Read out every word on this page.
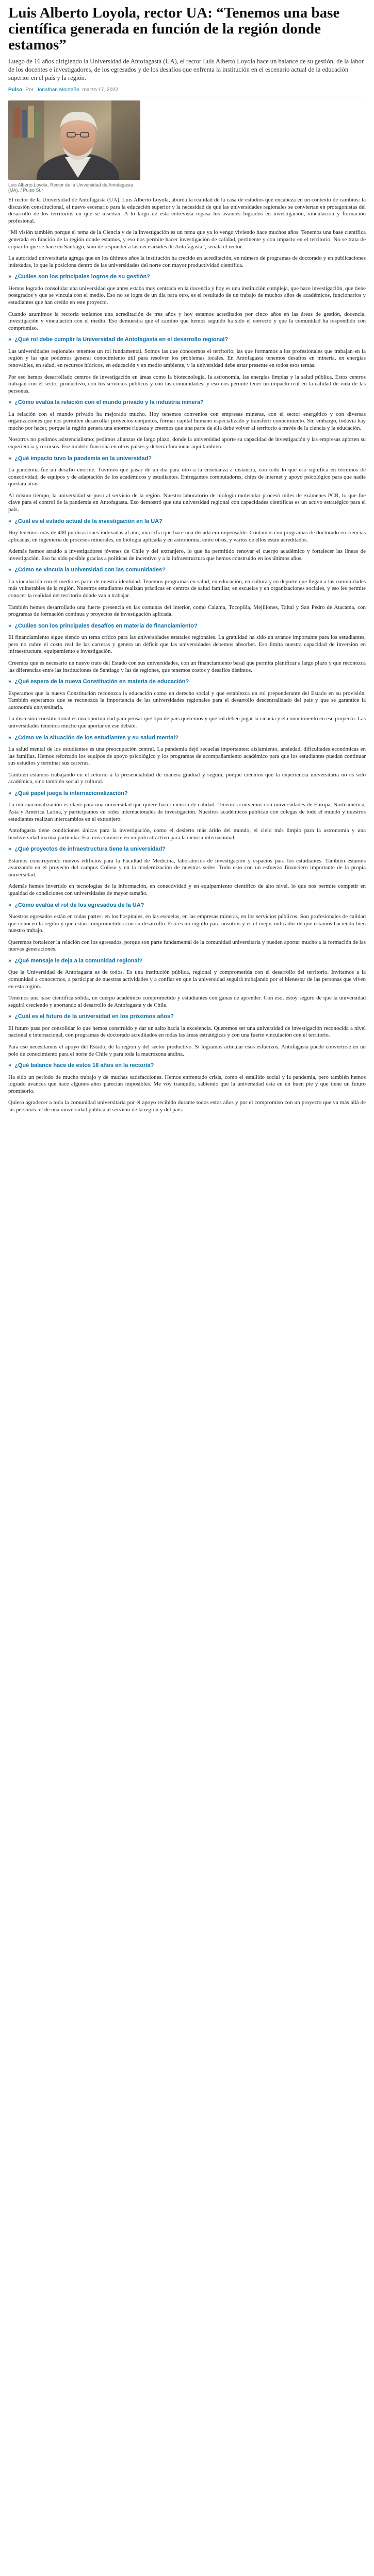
Luis Alberto Loyola, rector UA: “Tenemos una base científica generada en función de la región donde estamos”

Luego de 16 años dirigiendo la Universidad de Antofagasta (UA), el rector Luis Alberto Loyola hace un balance de su gestión, de la labor de los docentes e investigadores, de los egresados y de los desafíos que enfrenta la institución en el escenario actual de la educación superior en el país y la región.

Pulso Por Jonathan Montaño marzo 17, 2022
Luis Alberto Loyola, Rector de la Universidad de Antofagasta (UA). / Pulso Sur

El rector de la Universidad de Antofagasta (UA), Luis Alberto Loyola, aborda la realidad de la casa de estudios que encabeza en un contexto de cambios: la discusión constitucional, el nuevo escenario para la educación superior y la necesidad de que las universidades regionales se conviertan en protagonistas del desarrollo de los territorios en que se insertan. A lo largo de esta entrevista repasa los avances logrados en investigación, vinculación y formación profesional.

“Mi visión también porque el tema de la Ciencia y de la investigación es un tema que ya lo vengo viviendo hace muchos años. Tenemos una base científica generada en función de la región donde estamos, y eso nos permite hacer investigación de calidad, pertinente y con impacto en el territorio. No se trata de copiar lo que se hace en Santiago, sino de responder a las necesidades de Antofagasta”, señala el rector.

La autoridad universitaria agrega que en los últimos años la institución ha crecido en acreditación, en número de programas de doctorado y en publicaciones indexadas, lo que la posiciona dentro de las universidades del norte con mayor productividad científica.

» ¿Cuáles son los principales logros de su gestión?

Hemos logrado consolidar una universidad que antes estaba muy centrada en la docencia y hoy es una institución compleja, que hace investigación, que tiene postgrados y que se vincula con el medio. Eso no se logra de un día para otro, es el resultado de un trabajo de muchos años de académicos, funcionarios y estudiantes que han creído en este proyecto.

Cuando asumimos la rectoría teníamos una acreditación de tres años y hoy estamos acreditados por cinco años en las áreas de gestión, docencia, investigación y vinculación con el medio. Eso demuestra que el camino que hemos seguido ha sido el correcto y que la comunidad ha respondido con compromiso.

» ¿Qué rol debe cumplir la Universidad de Antofagasta en el desarrollo regional?

Las universidades regionales tenemos un rol fundamental. Somos las que conocemos el territorio, las que formamos a los profesionales que trabajan en la región y las que podemos generar conocimiento útil para resolver los problemas locales. En Antofagasta tenemos desafíos en minería, en energías renovables, en salud, en recursos hídricos, en educación y en medio ambiente, y la universidad debe estar presente en todos esos temas.

Por eso hemos desarrollado centros de investigación en áreas como la biotecnología, la astronomía, las energías limpias y la salud pública. Estos centros trabajan con el sector productivo, con los servicios públicos y con las comunidades, y eso nos permite tener un impacto real en la calidad de vida de las personas.

» ¿Cómo evalúa la relación con el mundo privado y la industria minera?

La relación con el mundo privado ha mejorado mucho. Hoy tenemos convenios con empresas mineras, con el sector energético y con diversas organizaciones que nos permiten desarrollar proyectos conjuntos, formar capital humano especializado y transferir conocimiento. Sin embargo, todavía hay mucho por hacer, porque la región genera una enorme riqueza y creemos que una parte de ella debe volver al territorio a través de la ciencia y la educación.

Nosotros no pedimos asistencialismo; pedimos alianzas de largo plazo, donde la universidad aporte su capacidad de investigación y las empresas aporten su experiencia y recursos. Ese modelo funciona en otros países y debería funcionar aquí también.

» ¿Qué impacto tuvo la pandemia en la universidad?

La pandemia fue un desafío enorme. Tuvimos que pasar de un día para otro a la enseñanza a distancia, con todo lo que eso significa en términos de conectividad, de equipos y de adaptación de los académicos y estudiantes. Entregamos computadores, chips de internet y apoyo psicológico para que nadie quedara atrás.

Al mismo tiempo, la universidad se puso al servicio de la región. Nuestro laboratorio de biología molecular procesó miles de exámenes PCR, lo que fue clave para el control de la pandemia en Antofagasta. Eso demostró que una universidad regional con capacidades científicas es un activo estratégico para el país.

» ¿Cuál es el estado actual de la investigación en la UA?

Hoy tenemos más de 400 publicaciones indexadas al año, una cifra que hace una década era impensable. Contamos con programas de doctorado en ciencias aplicadas, en ingeniería de procesos minerales, en biología aplicada y en astronomía, entre otros, y varios de ellos están acreditados.

Además hemos atraído a investigadores jóvenes de Chile y del extranjero, lo que ha permitido renovar el cuerpo académico y fortalecer las líneas de investigación. Eso ha sido posible gracias a políticas de incentivo y a la infraestructura que hemos construido en los últimos años.

» ¿Cómo se vincula la universidad con las comunidades?

La vinculación con el medio es parte de nuestra identidad. Tenemos programas en salud, en educación, en cultura y en deporte que llegan a las comunidades más vulnerables de la región. Nuestros estudiantes realizan prácticas en centros de salud familiar, en escuelas y en organizaciones sociales, y eso les permite conocer la realidad del territorio donde van a trabajar.

También hemos desarrollado una fuerte presencia en las comunas del interior, como Calama, Tocopilla, Mejillones, Taltal y San Pedro de Atacama, con programas de formación continua y proyectos de investigación aplicada.

» ¿Cuáles son los principales desafíos en materia de financiamiento?

El financiamiento sigue siendo un tema crítico para las universidades estatales regionales. La gratuidad ha sido un avance importante para los estudiantes, pero no cubre el costo real de las carreras y genera un déficit que las universidades debemos absorber. Eso limita nuestra capacidad de inversión en infraestructura, equipamiento e investigación.

Creemos que es necesario un nuevo trato del Estado con sus universidades, con un financiamiento basal que permita planificar a largo plazo y que reconozca las diferencias entre las instituciones de Santiago y las de regiones, que tenemos costos y desafíos distintos.

» ¿Qué espera de la nueva Constitución en materia de educación?

Esperamos que la nueva Constitución reconozca la educación como un derecho social y que establezca un rol preponderante del Estado en su provisión. También esperamos que se reconozca la importancia de las universidades regionales para el desarrollo descentralizado del país y que se garantice la autonomía universitaria.

La discusión constitucional es una oportunidad para pensar qué tipo de país queremos y qué rol deben jugar la ciencia y el conocimiento en ese proyecto. Las universidades tenemos mucho que aportar en ese debate.

» ¿Cómo ve la situación de los estudiantes y su salud mental?

La salud mental de los estudiantes es una preocupación central. La pandemia dejó secuelas importantes: aislamiento, ansiedad, dificultades económicas en las familias. Hemos reforzado los equipos de apoyo psicológico y los programas de acompañamiento académico para que los estudiantes puedan continuar sus estudios y terminar sus carreras.

También estamos trabajando en el retorno a la presencialidad de manera gradual y segura, porque creemos que la experiencia universitaria no es solo académica, sino también social y cultural.

» ¿Qué papel juega la internacionalización?

La internacionalización es clave para una universidad que quiere hacer ciencia de calidad. Tenemos convenios con universidades de Europa, Norteamérica, Asia y América Latina, y participamos en redes internacionales de investigación. Nuestros académicos publican con colegas de todo el mundo y nuestros estudiantes realizan intercambios en el extranjero.

Antofagasta tiene condiciones únicas para la investigación, como el desierto más árido del mundo, el cielo más limpio para la astronomía y una biodiversidad marina particular. Eso nos convierte en un polo atractivo para la ciencia internacional.

» ¿Qué proyectos de infraestructura tiene la universidad?

Estamos construyendo nuevos edificios para la Facultad de Medicina, laboratorios de investigación y espacios para los estudiantes. También estamos avanzando en el proyecto del campus Coloso y en la modernización de nuestras sedes. Todo esto con un esfuerzo financiero importante de la propia universidad.

Además hemos invertido en tecnologías de la información, en conectividad y en equipamiento científico de alto nivel, lo que nos permite competir en igualdad de condiciones con universidades de mayor tamaño.

» ¿Cómo evalúa el rol de los egresados de la UA?

Nuestros egresados están en todas partes: en los hospitales, en las escuelas, en las empresas mineras, en los servicios públicos. Son profesionales de calidad que conocen la región y que están comprometidos con su desarrollo. Eso es un orgullo para nosotros y es el mejor indicador de que estamos haciendo bien nuestro trabajo.

Queremos fortalecer la relación con los egresados, porque son parte fundamental de la comunidad universitaria y pueden aportar mucho a la formación de las nuevas generaciones.

» ¿Qué mensaje le deja a la comunidad regional?

Que la Universidad de Antofagasta es de todos. Es una institución pública, regional y comprometida con el desarrollo del territorio. Invitamos a la comunidad a conocernos, a participar de nuestras actividades y a confiar en que la universidad seguirá trabajando por el bienestar de las personas que viven en esta región.

Tenemos una base científica sólida, un cuerpo académico comprometido y estudiantes con ganas de aprender. Con eso, estoy seguro de que la universidad seguirá creciendo y aportando al desarrollo de Antofagasta y de Chile.

» ¿Cuál es el futuro de la universidad en los próximos años?

El futuro pasa por consolidar lo que hemos construido y dar un salto hacia la excelencia. Queremos ser una universidad de investigación reconocida a nivel nacional e internacional, con programas de doctorado acreditados en todas las áreas estratégicas y con una fuerte vinculación con el territorio.

Para eso necesitamos el apoyo del Estado, de la región y del sector productivo. Si logramos articular esos esfuerzos, Antofagasta puede convertirse en un polo de conocimiento para el norte de Chile y para toda la macrozona andina.

» ¿Qué balance hace de estos 16 años en la rectoría?

Ha sido un período de mucho trabajo y de muchas satisfacciones. Hemos enfrentado crisis, como el estallido social y la pandemia, pero también hemos logrado avances que hace algunos años parecían imposibles. Me voy tranquilo, sabiendo que la universidad está en un buen pie y que tiene un futuro promisorio.

Quiero agradecer a toda la comunidad universitaria por el apoyo recibido durante todos estos años y por el compromiso con un proyecto que va más allá de las personas: el de una universidad pública al servicio de la región y del país.
